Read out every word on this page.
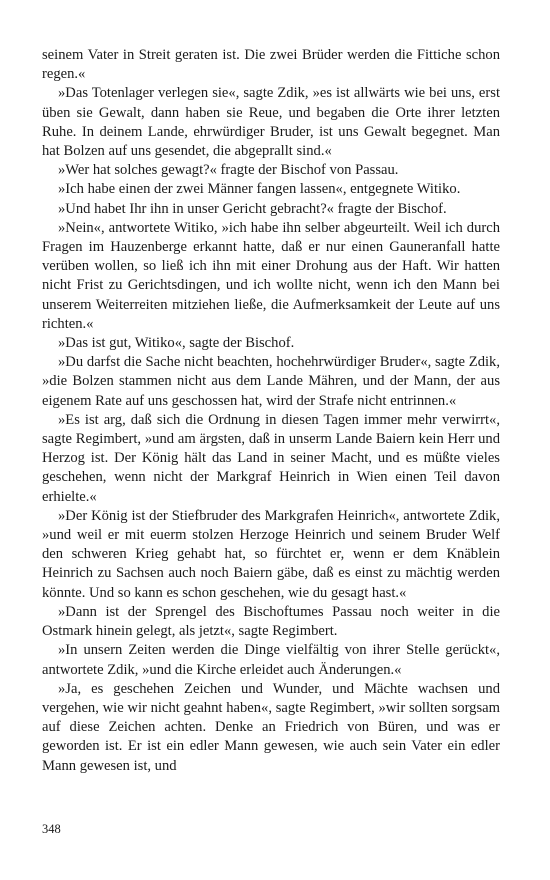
seinem Vater in Streit geraten ist. Die zwei Brüder werden die Fittiche schon regen.«

»Das Totenlager verlegen sie«, sagte Zdik, »es ist allwärts wie bei uns, erst üben sie Gewalt, dann haben sie Reue, und begaben die Orte ihrer letzten Ruhe. In deinem Lande, ehrwürdiger Bruder, ist uns Gewalt begegnet. Man hat Bolzen auf uns gesendet, die abgeprallt sind.«

»Wer hat solches gewagt?« fragte der Bischof von Passau.

»Ich habe einen der zwei Männer fangen lassen«, entgegnete Witiko.

»Und habet Ihr ihn in unser Gericht gebracht?« fragte der Bischof.

»Nein«, antwortete Witiko, »ich habe ihn selber abgeurteilt. Weil ich durch Fragen im Hauzenberge erkannt hatte, daß er nur einen Gauneranfall hatte verüben wollen, so ließ ich ihn mit einer Drohung aus der Haft. Wir hatten nicht Frist zu Gerichtsdingen, und ich wollte nicht, wenn ich den Mann bei unserem Weiterreiten mitziehen ließe, die Aufmerksamkeit der Leute auf uns richten.«

»Das ist gut, Witiko«, sagte der Bischof.

»Du darfst die Sache nicht beachten, hochehrwürdiger Bruder«, sagte Zdik, »die Bolzen stammen nicht aus dem Lande Mähren, und der Mann, der aus eigenem Rate auf uns geschossen hat, wird der Strafe nicht entrinnen.«

»Es ist arg, daß sich die Ordnung in diesen Tagen immer mehr verwirrt«, sagte Regimbert, »und am ärgsten, daß in unserm Lande Baiern kein Herr und Herzog ist. Der König hält das Land in seiner Macht, und es müßte vieles geschehen, wenn nicht der Markgraf Heinrich in Wien einen Teil davon erhielte.«

»Der König ist der Stiefbruder des Markgrafen Heinrich«, antwortete Zdik, »und weil er mit euerm stolzen Herzoge Heinrich und seinem Bruder Welf den schweren Krieg gehabt hat, so fürchtet er, wenn er dem Knäblein Heinrich zu Sachsen auch noch Baiern gäbe, daß es einst zu mächtig werden könnte. Und so kann es schon geschehen, wie du gesagt hast.«

»Dann ist der Sprengel des Bischoftumes Passau noch weiter in die Ostmark hinein gelegt, als jetzt«, sagte Regimbert.

»In unsern Zeiten werden die Dinge vielfältig von ihrer Stelle gerückt«, antwortete Zdik, »und die Kirche erleidet auch Änderungen.«

»Ja, es geschehen Zeichen und Wunder, und Mächte wachsen und vergehen, wie wir nicht geahnt haben«, sagte Regimbert, »wir sollten sorgsam auf diese Zeichen achten. Denke an Friedrich von Büren, und was er geworden ist. Er ist ein edler Mann gewesen, wie auch sein Vater ein edler Mann gewesen ist, und

348
